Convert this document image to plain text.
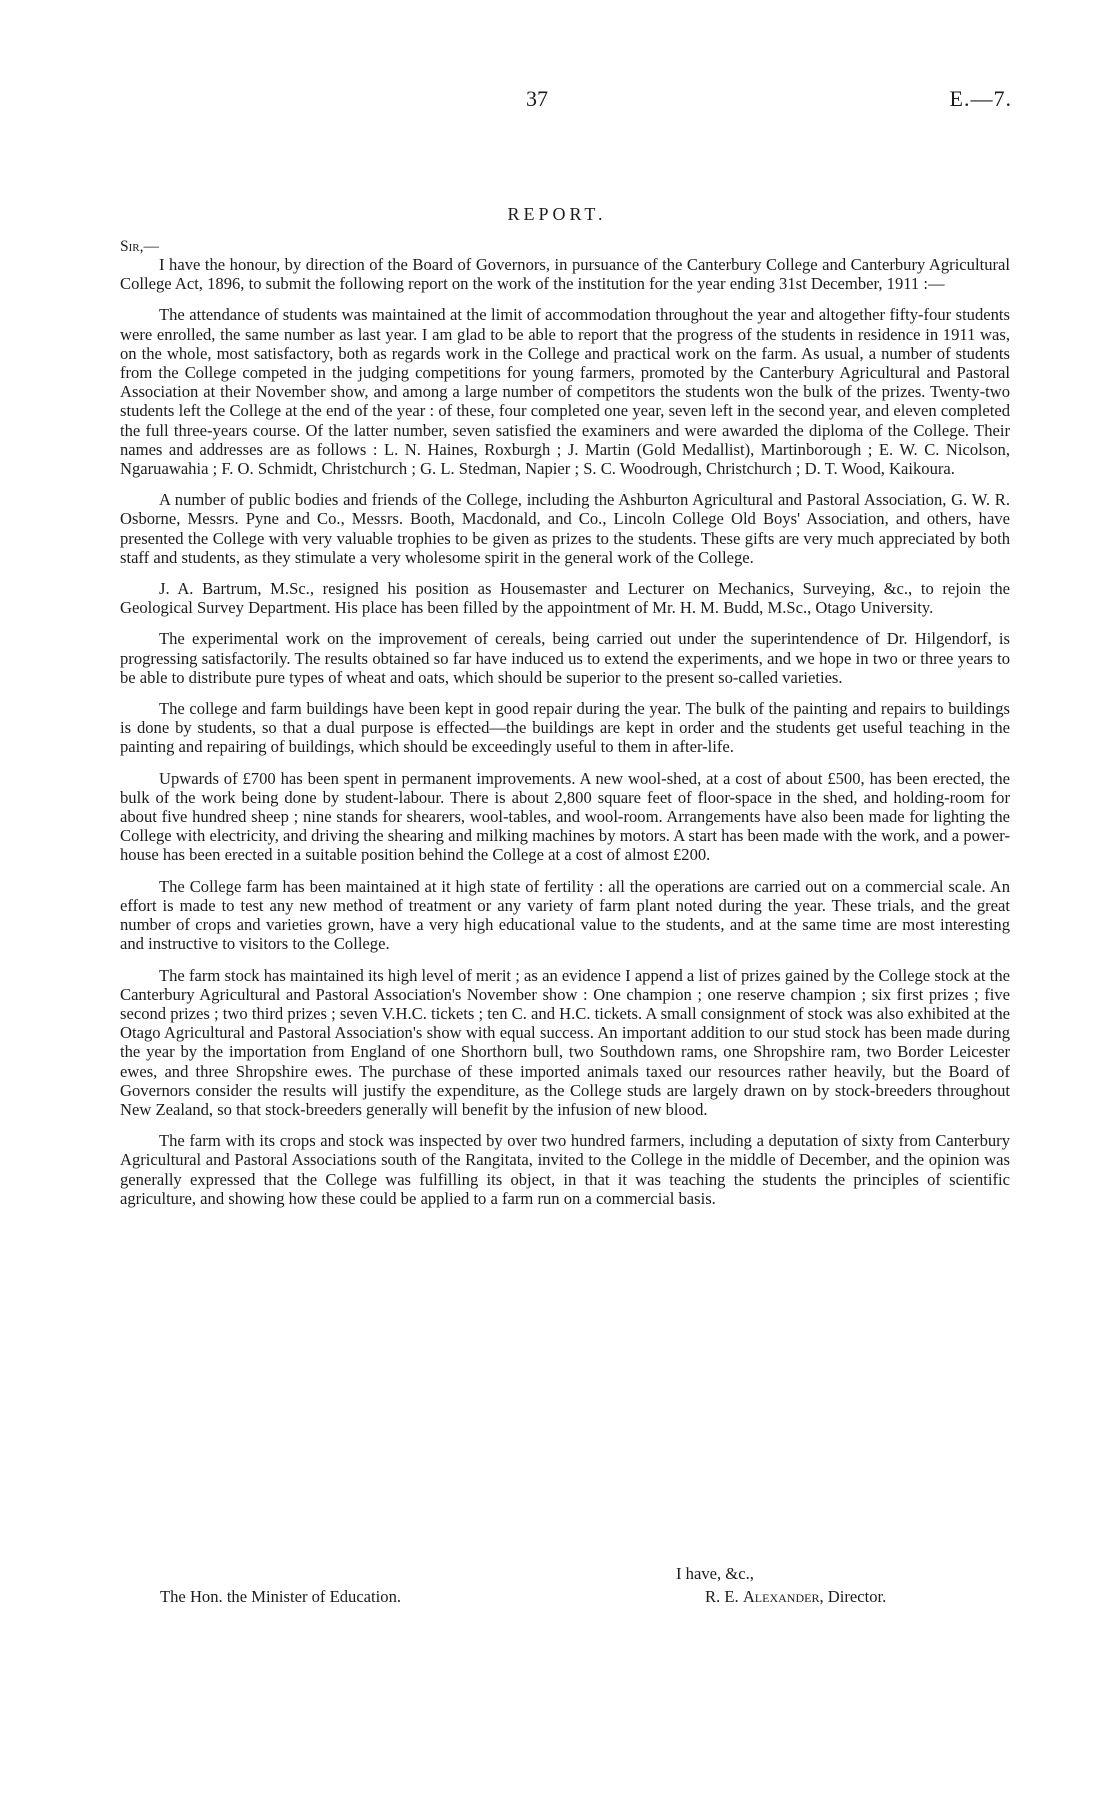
37	E.—7.
REPORT.
Sir,—

I have the honour, by direction of the Board of Governors, in pursuance of the Canterbury College and Canterbury Agricultural College Act, 1896, to submit the following report on the work of the institution for the year ending 31st December, 1911 :—

The attendance of students was maintained at the limit of accommodation throughout the year and altogether fifty-four students were enrolled, the same number as last year. I am glad to be able to report that the progress of the students in residence in 1911 was, on the whole, most satisfactory, both as regards work in the College and practical work on the farm. As usual, a number of students from the College competed in the judging competitions for young farmers, promoted by the Canterbury Agricultural and Pastoral Association at their November show, and among a large number of competitors the students won the bulk of the prizes. Twenty-two students left the College at the end of the year : of these, four completed one year, seven left in the second year, and eleven completed the full three-years course. Of the latter number, seven satisfied the examiners and were awarded the diploma of the College. Their names and addresses are as follows : L. N. Haines, Roxburgh ; J. Martin (Gold Medallist), Martinborough ; E. W. C. Nicolson, Ngaruawahia ; F. O. Schmidt, Christchurch ; G. L. Stedman, Napier ; S. C. Woodrough, Christchurch ; D. T. Wood, Kaikoura.

A number of public bodies and friends of the College, including the Ashburton Agricultural and Pastoral Association, G. W. R. Osborne, Messrs. Pyne and Co., Messrs. Booth, Macdonald, and Co., Lincoln College Old Boys' Association, and others, have presented the College with very valuable trophies to be given as prizes to the students. These gifts are very much appreciated by both staff and students, as they stimulate a very wholesome spirit in the general work of the College.

J. A. Bartrum, M.Sc., resigned his position as Housemaster and Lecturer on Mechanics, Surveying, &c., to rejoin the Geological Survey Department. His place has been filled by the appointment of Mr. H. M. Budd, M.Sc., Otago University.

The experimental work on the improvement of cereals, being carried out under the superintendence of Dr. Hilgendorf, is progressing satisfactorily. The results obtained so far have induced us to extend the experiments, and we hope in two or three years to be able to distribute pure types of wheat and oats, which should be superior to the present so-called varieties.

The college and farm buildings have been kept in good repair during the year. The bulk of the painting and repairs to buildings is done by students, so that a dual purpose is effected—the buildings are kept in order and the students get useful teaching in the painting and repairing of buildings, which should be exceedingly useful to them in after-life.

Upwards of £700 has been spent in permanent improvements. A new wool-shed, at a cost of about £500, has been erected, the bulk of the work being done by student-labour. There is about 2,800 square feet of floor-space in the shed, and holding-room for about five hundred sheep ; nine stands for shearers, wool-tables, and wool-room. Arrangements have also been made for lighting the College with electricity, and driving the shearing and milking machines by motors. A start has been made with the work, and a power-house has been erected in a suitable position behind the College at a cost of almost £200.

The College farm has been maintained at it high state of fertility : all the operations are carried out on a commercial scale. An effort is made to test any new method of treatment or any variety of farm plant noted during the year. These trials, and the great number of crops and varieties grown, have a very high educational value to the students, and at the same time are most interesting and instructive to visitors to the College.

The farm stock has maintained its high level of merit ; as an evidence I append a list of prizes gained by the College stock at the Canterbury Agricultural and Pastoral Association's November show : One champion ; one reserve champion ; six first prizes ; five second prizes ; two third prizes ; seven V.H.C. tickets ; ten C. and H.C. tickets. A small consignment of stock was also exhibited at the Otago Agricultural and Pastoral Association's show with equal success. An important addition to our stud stock has been made during the year by the importation from England of one Shorthorn bull, two Southdown rams, one Shropshire ram, two Border Leicester ewes, and three Shropshire ewes. The purchase of these imported animals taxed our resources rather heavily, but the Board of Governors consider the results will justify the expenditure, as the College studs are largely drawn on by stock-breeders throughout New Zealand, so that stock-breeders generally will benefit by the infusion of new blood.

The farm with its crops and stock was inspected by over two hundred farmers, including a deputation of sixty from Canterbury Agricultural and Pastoral Associations south of the Rangitata, invited to the College in the middle of December, and the opinion was generally expressed that the College was fulfilling its object, in that it was teaching the students the principles of scientific agriculture, and showing how these could be applied to a farm run on a commercial basis.

I have, &c.,
The Hon. the Minister of Education.	R. E. Alexander, Director.
